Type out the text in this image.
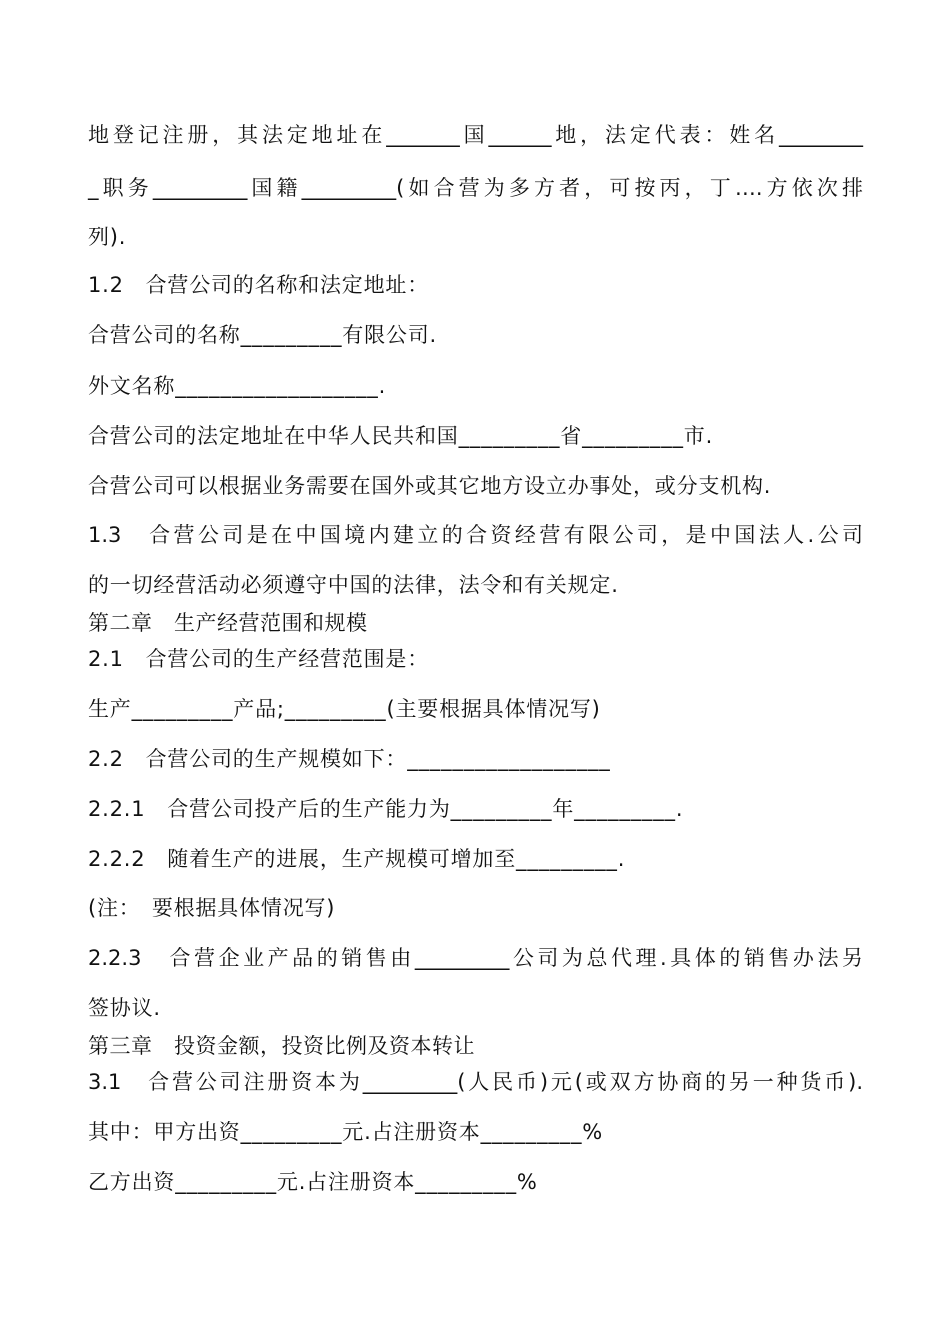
地登记注册，其法定地址在_______国______地，法定代表：姓名________

_职务_________国籍_________(如合营为多方者，可按丙，丁….方依次排

列).

1.2　合营公司的名称和法定地址：

合营公司的名称_________有限公司.

外文名称__________________.

合营公司的法定地址在中华人民共和国_________省_________市.

合营公司可以根据业务需要在国外或其它地方设立办事处，或分支机构.

1.3　合营公司是在中国境内建立的合资经营有限公司，是中国法人.公司

的一切经营活动必须遵守中国的法律，法令和有关规定.

第二章　生产经营范围和规模

2.1　合营公司的生产经营范围是：

生产_________产品;_________(主要根据具体情况写)

2.2　合营公司的生产规模如下：__________________

2.2.1　合营公司投产后的生产能力为_________年_________.

2.2.2　随着生产的进展，生产规模可增加至_________.

(注：　要根据具体情况写)

2.2.3　合营企业产品的销售由_________公司为总代理.具体的销售办法另

签协议.

第三章　投资金额，投资比例及资本转让

3.1　合营公司注册资本为_________(人民币)元(或双方协商的另一种货币).

其中：甲方出资_________元.占注册资本_________%

乙方出资_________元.占注册资本_________%
